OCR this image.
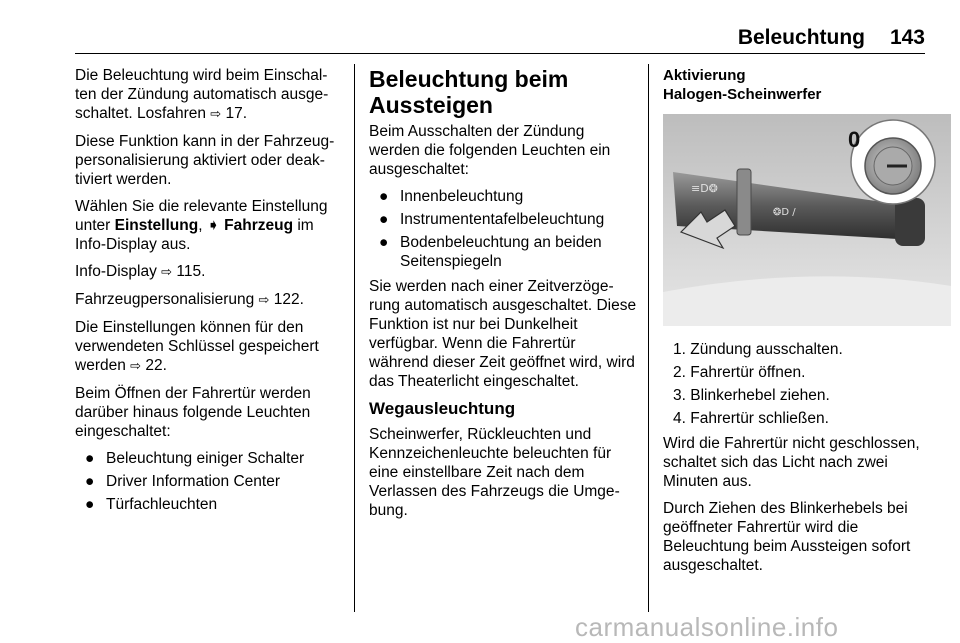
Beleuchtung 143

Die Beleuchtung wird beim Einschalten der Zündung automatisch ausgeschaltet. Losfahren ⇨ 17.

Diese Funktion kann in der Fahrzeugpersonalisierung aktiviert oder deaktiviert werden.

Wählen Sie die relevante Einstellung unter Einstellung, ➧ Fahrzeug im Info-Display aus.

Info-Display ⇨ 115.

Fahrzeugpersonalisierung ⇨ 122.

Die Einstellungen können für den verwendeten Schlüssel gespeichert werden ⇨ 22.

Beim Öffnen der Fahrertür werden darüber hinaus folgende Leuchten eingeschaltet:

● Beleuchtung einiger Schalter
● Driver Information Center
● Türfachleuchten
Beleuchtung beim Aussteigen

Beim Ausschalten der Zündung werden die folgenden Leuchten ein ausgeschaltet:

● Innenbeleuchtung
● Instrumententafelbeleuchtung
● Bodenbeleuchtung an beiden Seitenspiegeln

Sie werden nach einer Zeitverzögerung automatisch ausgeschaltet. Diese Funktion ist nur bei Dunkelheit verfügbar. Wenn die Fahrertür während dieser Zeit geöffnet wird, wird das Theaterlicht eingeschaltet.

Wegausleuchtung

Scheinwerfer, Rückleuchten und Kennzeichenleuchte beleuchten für eine einstellbare Zeit nach dem Verlassen des Fahrzeugs die Umgebung.

Aktivierung
Halogen-Scheinwerfer
≡D❂
❂D /
0
1. Zündung ausschalten.
2. Fahrertür öffnen.
3. Blinkerhebel ziehen.
4. Fahrertür schließen.

Wird die Fahrertür nicht geschlossen, schaltet sich das Licht nach zwei Minuten aus.

Durch Ziehen des Blinkerhebels bei geöffneter Fahrertür wird die Beleuchtung beim Aussteigen sofort ausgeschaltet.

carmanualsonline.info
